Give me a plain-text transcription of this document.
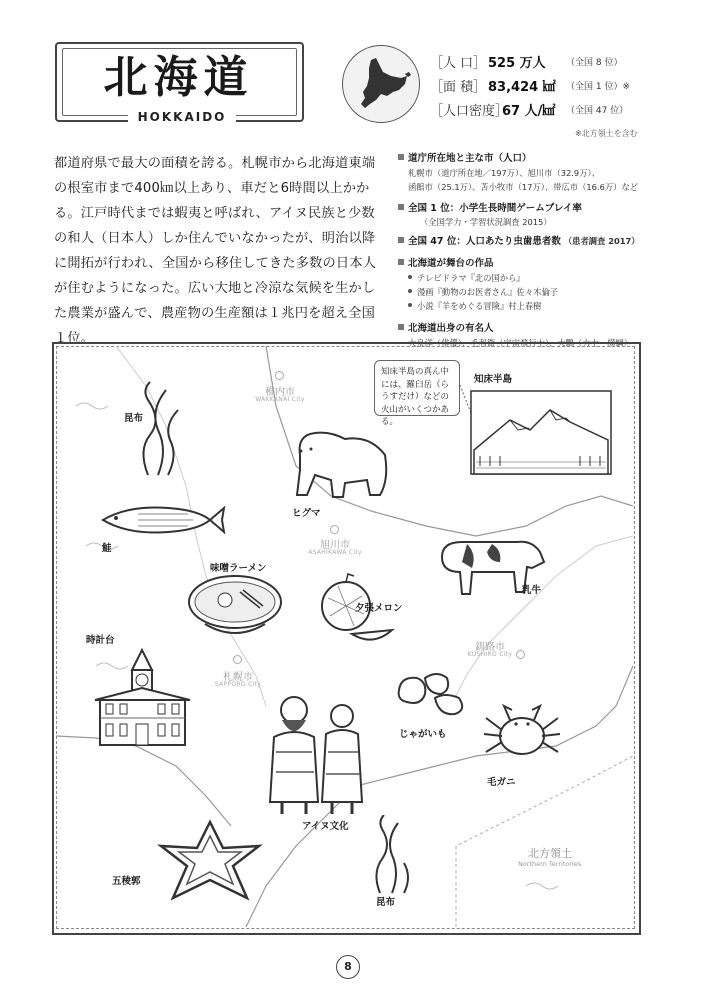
北海道
HOKKAIDO
［人 口］ 525 万人 （全国 8 位）
［面 積］ 83,424 ㎢ （全国 1 位）※
［人口密度］
67 人/㎢ （全国 47 位）
※北方領土を含む
都道府県で最大の面積を誇る。札幌市から北海道東端の根室市まで400㎞以上あり、車だと6時間以上かかる。江戸時代までは蝦夷と呼ばれ、アイヌ民族と少数の和人（日本人）しか住んでいなかったが、明治以降に開拓が行われ、全国から移住してきた多数の日本人が住むようになった。広い大地と冷涼な気候を生かした農業が盛んで、農産物の生産額は１兆円を超え全国１位。
道庁所在地と主な市（人口）
札幌市（道庁所在地／197万）、旭川市（32.9万）、
函館市（25.1万）、苫小牧市（17万）、帯広市（16.6万）など
全国 1 位：小学生長時間ゲームプレイ率
（全国学力・学習状況調査 2015）
全国 47 位：人口あたり虫歯患者数 （患者調査 2017）
北海道が舞台の作品
テレビドラマ『北の国から』
漫画『動物のお医者さん』佐々木倫子
小説『羊をめぐる冒険』村上春樹
北海道出身の有名人
大泉洋（俳優）、毛利衛（宇宙飛行士）、大鵬（力士・横綱）
昆布
鮭
ヒグマ
稚内市
WAKKANAI City
旭川市
ASAHIKAWA City
札幌市
SAPPORO City
釧路市
KUSHIRO City
味噌ラーメン
夕張メロン
乳牛
時計台
じゃがいも
アイヌ文化
毛ガニ
五稜郭
昆布
知床半島の真ん中には、羅臼岳（らうすだけ）などの火山がいくつかある。
知床半島
北方領土
Northern Territories
8
